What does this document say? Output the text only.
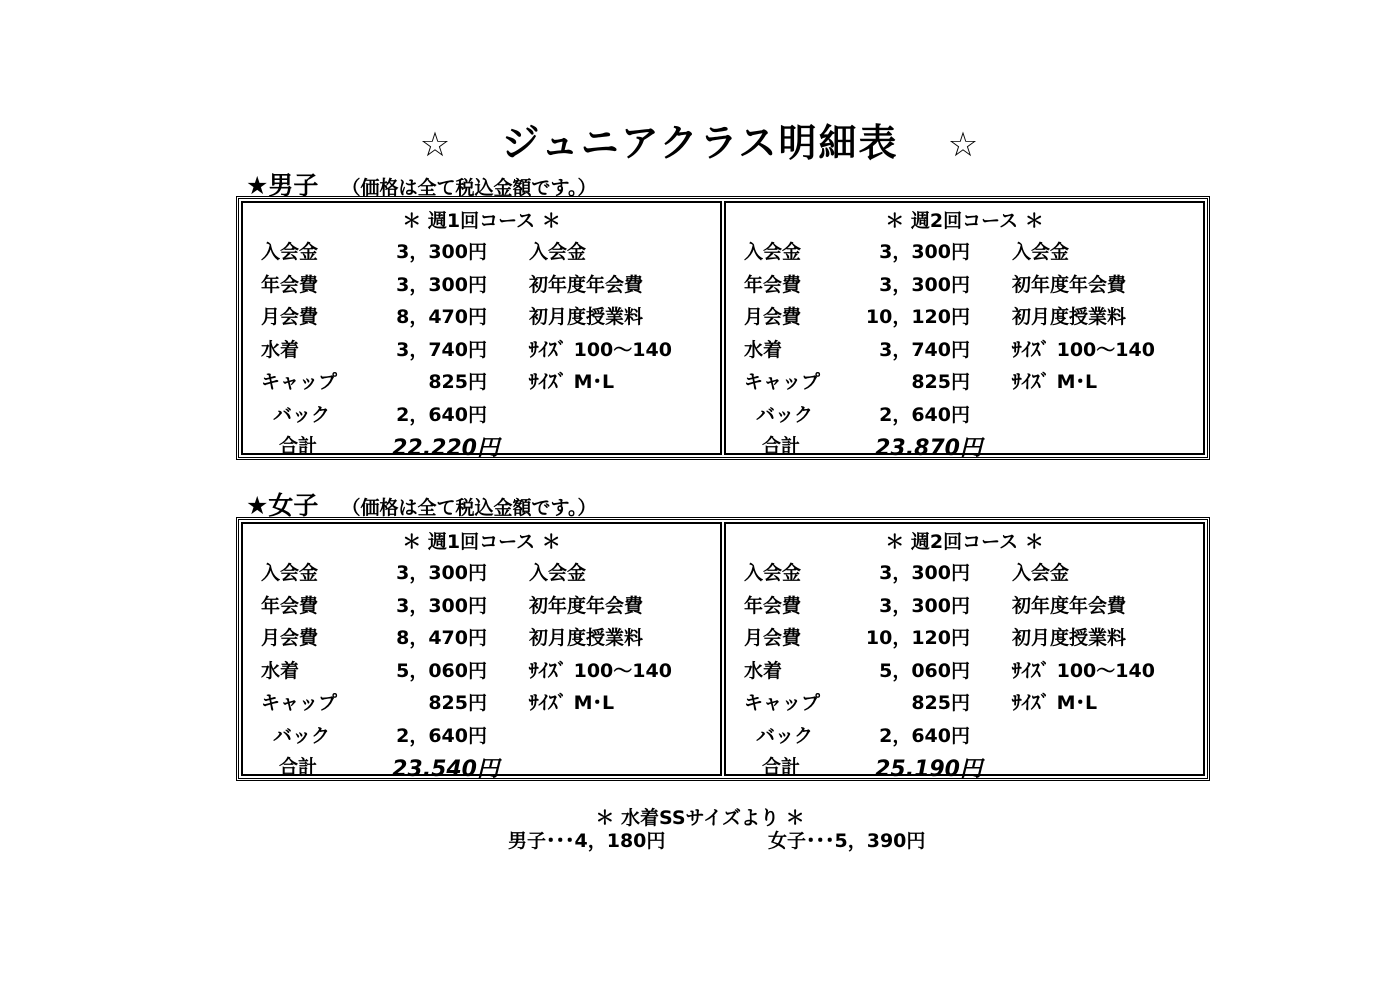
☆ ジュニアクラス明細表 ☆
★男子 （価格は全て税込金額です。）
＊ 週1回コース ＊
入会金	3，300円 入会金
年会費	3，300円 初年度年会費
月会費	8，470円 初月度授業料
水着	3，740円 ｻｲｽﾞ 100～140
キャップ	825円 ｻｲｽﾞ M･L
バック	2，640円
合計	22.220円
＊ 週2回コース ＊
入会金	3，300円 入会金
年会費	3，300円 初年度年会費
月会費	10，120円 初月度授業料
水着	3，740円 ｻｲｽﾞ 100～140
キャップ	825円 ｻｲｽﾞ M･L
バック	2，640円
合計	23.870円
★女子 （価格は全て税込金額です。）
＊ 週1回コース ＊
入会金	3，300円 入会金
年会費	3，300円 初年度年会費
月会費	8，470円 初月度授業料
水着	5，060円 ｻｲｽﾞ 100～140
キャップ	825円 ｻｲｽﾞ M･L
バック	2，640円
合計	23.540円
＊ 週2回コース ＊
入会金	3，300円 入会金
年会費	3，300円 初年度年会費
月会費	10，120円 初月度授業料
水着	5，060円 ｻｲｽﾞ 100～140
キャップ	825円 ｻｲｽﾞ M･L
バック	2，640円
合計	25.190円
＊ 水着SSサイズより ＊
男子･･･4，180円	女子･･･5，390円
